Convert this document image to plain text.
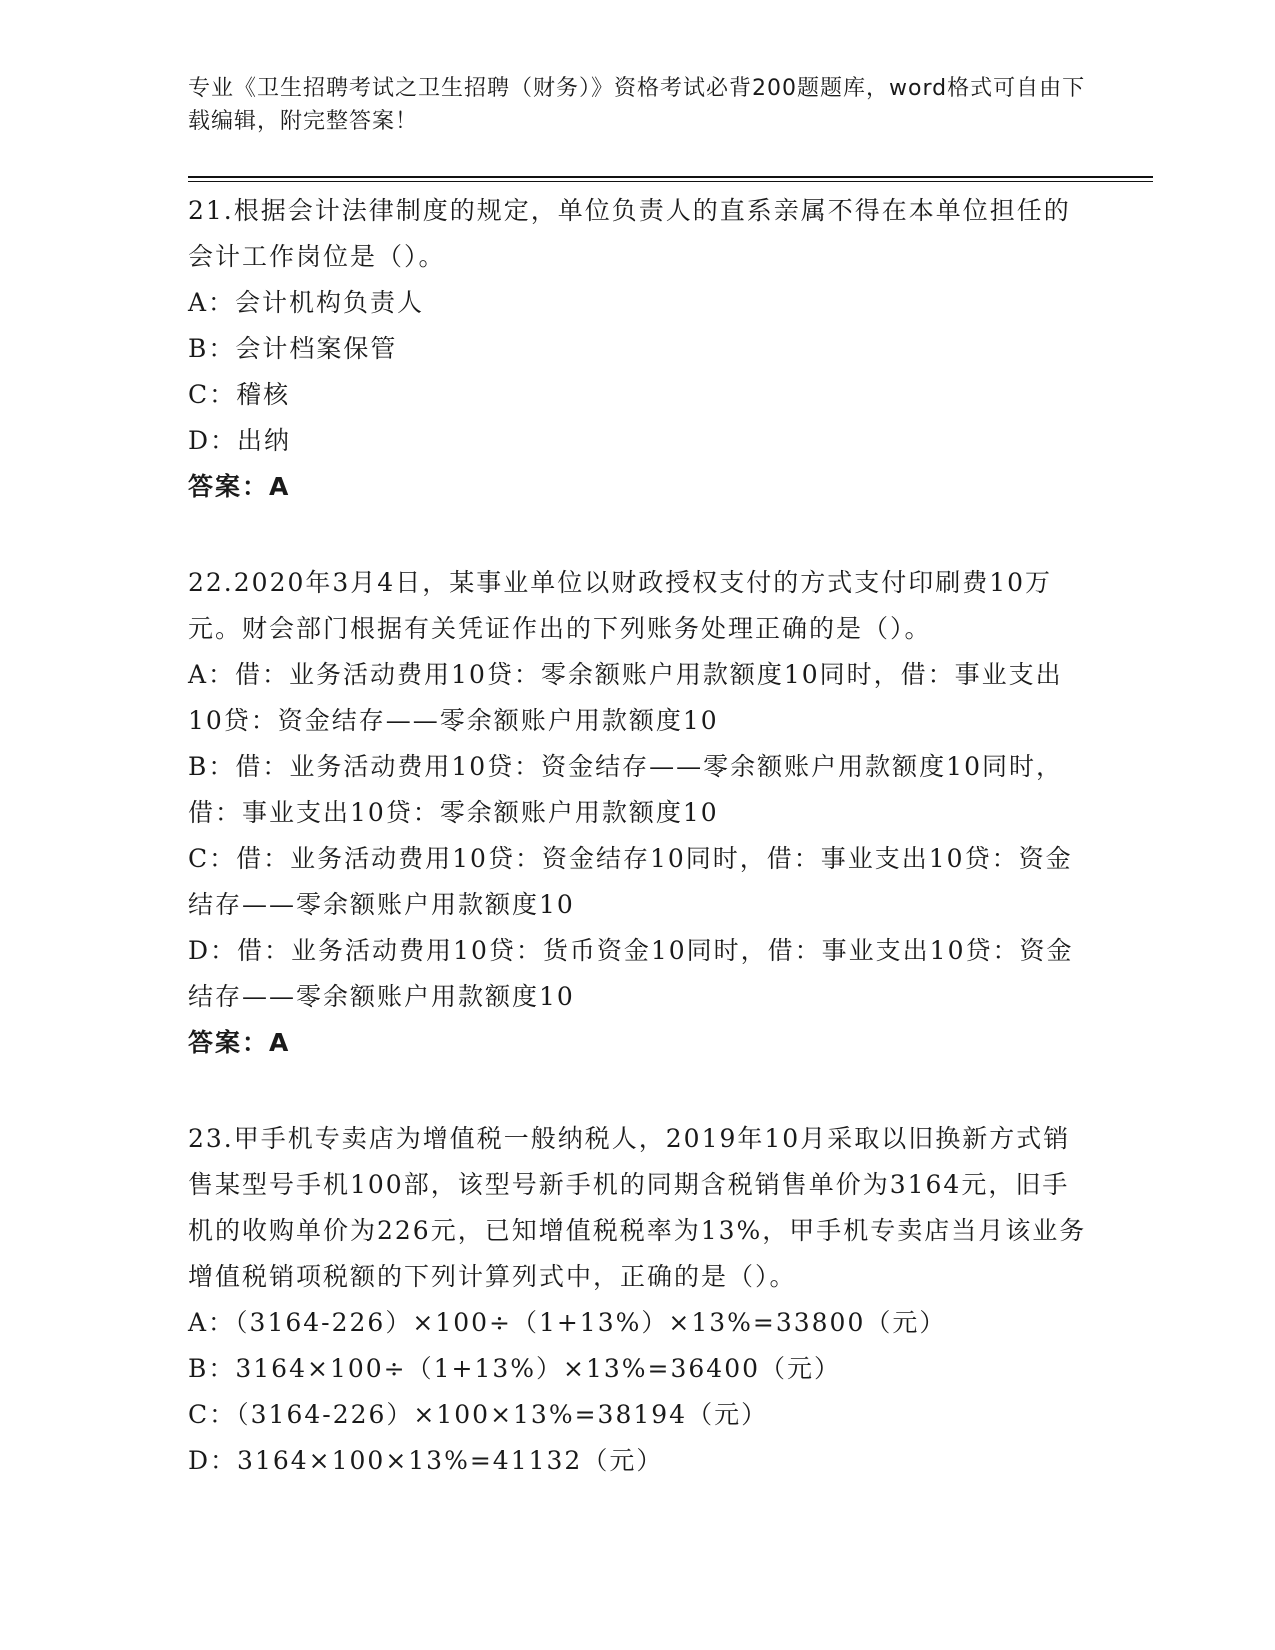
专业《卫生招聘考试之卫生招聘（财务）》资格考试必背200题题库，word格式可自由下载编辑，附完整答案！

21.根据会计法律制度的规定，单位负责人的直系亲属不得在本单位担任的会计工作岗位是（）。

A：会计机构负责人

B：会计档案保管

C：稽核

D：出纳

答案：A

22.2020年3月4日，某事业单位以财政授权支付的方式支付印刷费10万元。财会部门根据有关凭证作出的下列账务处理正确的是（）。

A：借：业务活动费用10贷：零余额账户用款额度10同时，借：事业支出10贷：资金结存——零余额账户用款额度10

B：借：业务活动费用10贷：资金结存——零余额账户用款额度10同时，借：事业支出10贷：零余额账户用款额度10

C：借：业务活动费用10贷：资金结存10同时，借：事业支出10贷：资金结存——零余额账户用款额度10

D：借：业务活动费用10贷：货币资金10同时，借：事业支出10贷：资金结存——零余额账户用款额度10

答案：A

23.甲手机专卖店为增值税一般纳税人，2019年10月采取以旧换新方式销售某型号手机100部，该型号新手机的同期含税销售单价为3164元，旧手机的收购单价为226元，已知增值税税率为13%，甲手机专卖店当月该业务增值税销项税额的下列计算列式中，正确的是（）。

A：（3164-226）×100÷（1+13%）×13%=33800（元）

B：3164×100÷（1+13%）×13%=36400（元）

C：（3164-226）×100×13%=38194（元）

D：3164×100×13%=41132（元）
